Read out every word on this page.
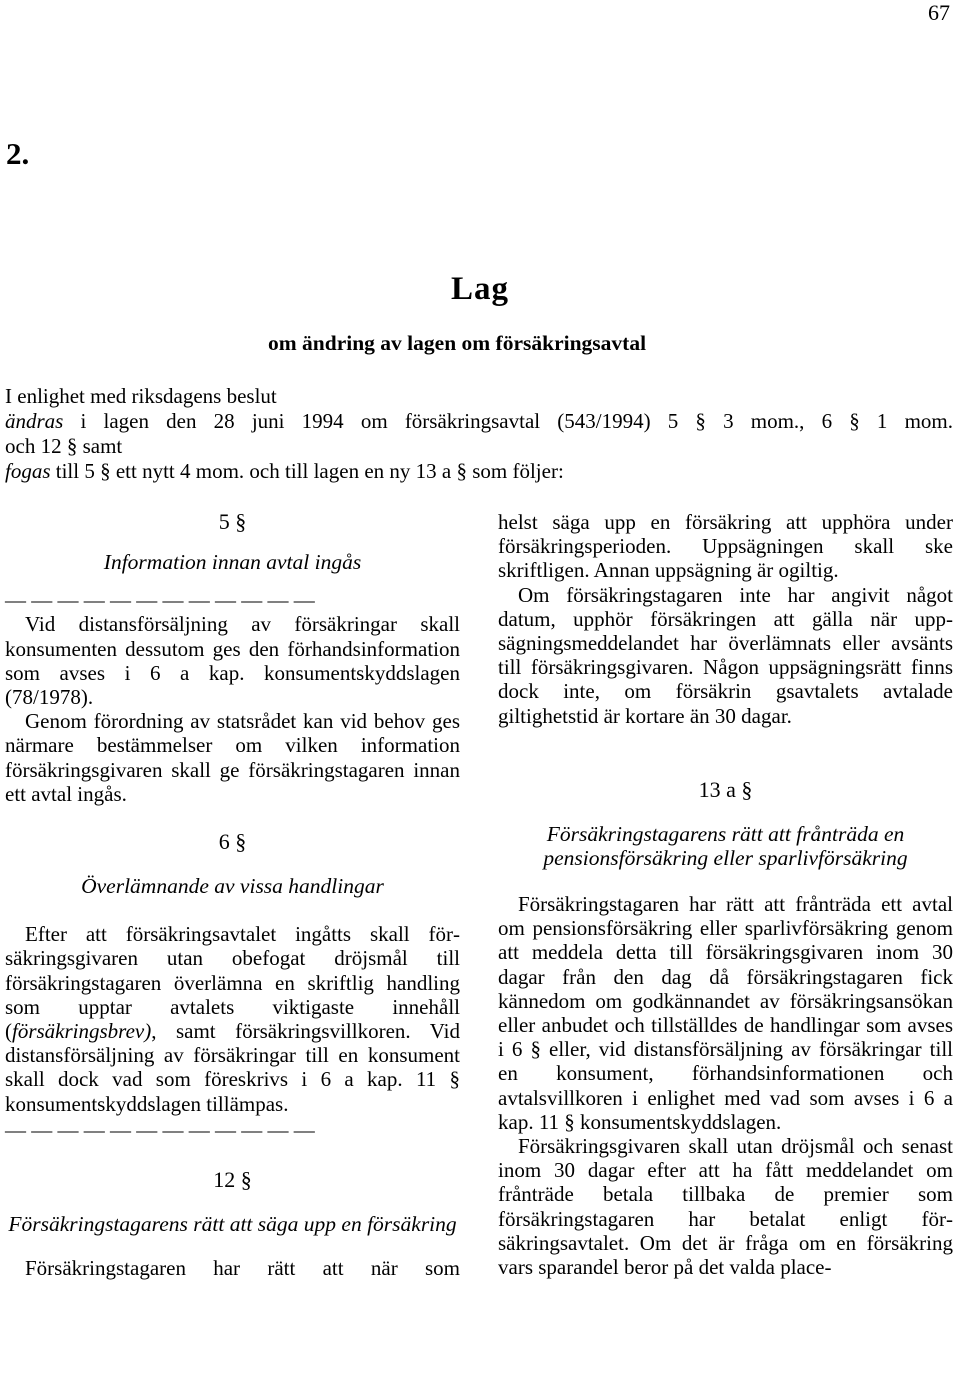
67
2.
Lag
om ändring av lagen om försäkringsavtal
I enlighet med riksdagens beslut
ändras i lagen den 28 juni 1994 om försäkringsavtal (543/1994) 5 § 3 mom., 6 § 1 mom.
och 12 § samt
fogas till 5 § ett nytt 4 mom. och till lagen en ny 13 a § som följer:
5 §
Information innan avtal ingås
— — — — — — — — — — — —
Vid distansförsäljning av försäkringar skall konsumenten dessutom ges den förhandsinformation som avses i 6 a kap. konsumentskyddslagen (78/1978).
Genom förordning av statsrådet kan vid behov ges närmare bestämmelser om vilken information försäkringsgivaren skall ge försäkringstagaren innan ett avtal ingås.
6 §
Överlämnande av vissa handlingar
Efter att försäkringsavtalet ingåtts skall försäkringsgivaren utan obefogat dröjsmål till försäkringstagaren överlämna en skriftlig handling som upptar avtalets viktigaste innehåll (försäkringsbrev), samt försäkringsvillkoren. Vid distansförsäljning av försäkringar till en konsument skall dock vad som föreskrivs i 6 a kap. 11 § konsumentskyddslagen tillämpas.
— — — — — — — — — — — —
12 §
Försäkringstagarens rätt att säga upp en försäkring
Försäkringstagaren har rätt att när som
helst säga upp en försäkring att upphöra under försäkringsperioden. Uppsägningen skall ske skriftligen. Annan uppsägning är ogiltig.
Om försäkringstagaren inte har angivit något datum, upphör försäkringen att gälla när uppsägningsmeddelandet har överlämnats eller avsänts till försäkringsgivaren. Någon uppsägningsrätt finns dock inte, om försäkrin gsavtalets avtalade giltighetstid är kortare än 30 dagar.
13 a §
Försäkringstagarens rätt att frånträda en pensionsförsäkring eller sparlivförsäkring
Försäkringstagaren har rätt att frånträda ett avtal om pensionsförsäkring eller sparlivförsäkring genom att meddela detta till försäkringsgivaren inom 30 dagar från den dag då försäkringstagaren fick kännedom om godkännandet av försäkringsansökan eller anbudet och tillställdes de handlingar som avses i 6 § eller, vid distansförsäljning av försäkringar till en konsument, förhandsinformationen och avtalsvillkoren i enlighet med vad som avses i 6 a kap. 11 § konsumentskyddslagen.
Försäkringsgivaren skall utan dröjsmål och senast inom 30 dagar efter att ha fått meddelandet om frånträde betala tillbaka de premier som försäkringstagaren har betalat enligt försäkringsavtalet. Om det är fråga om en försäkring vars sparandel beror på det valda place-
